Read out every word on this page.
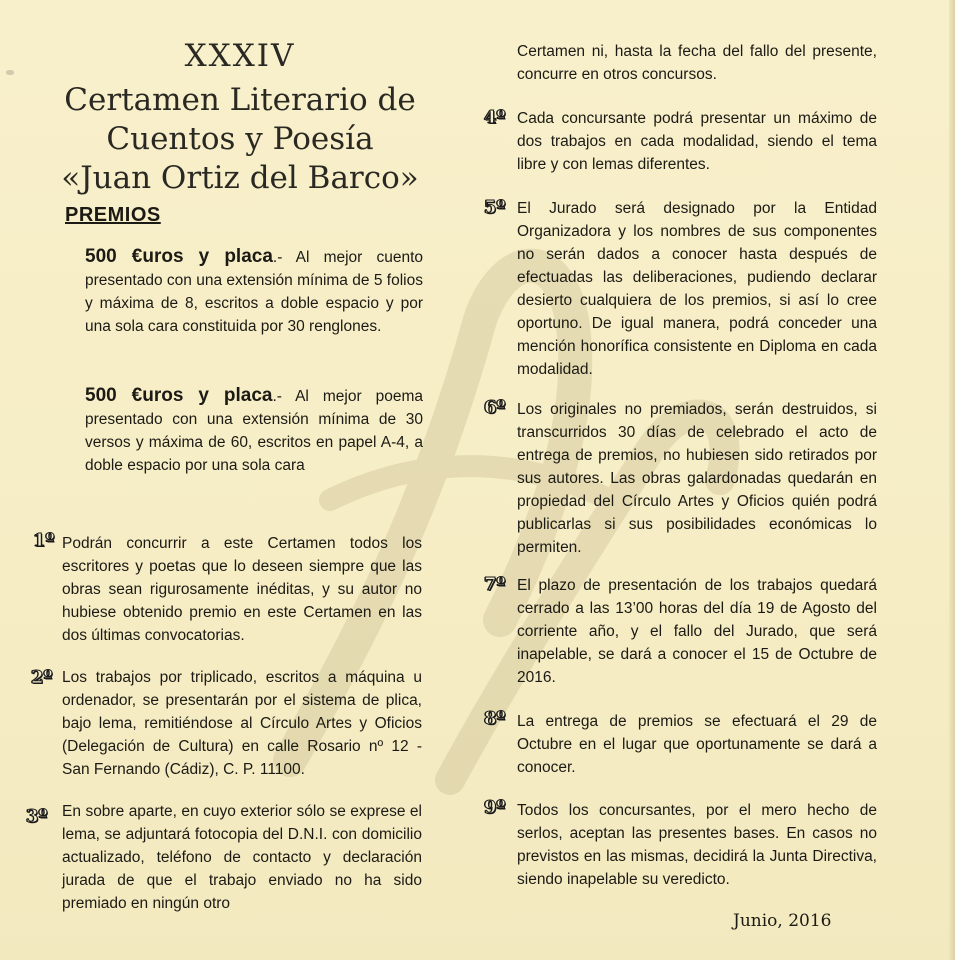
XXXIV
Certamen Literario de
Cuentos y Poesía
«Juan Ortiz del Barco»
PREMIOS
500 €uros y placa.- Al mejor cuento presentado con una extensión mínima de 5 folios y máxima de 8, escritos a doble espacio y por una sola cara constituida por 30 renglones.
500 €uros y placa.- Al mejor poema presentado con una extensión mínima de 30 versos y máxima de 60, escritos en papel A-4, a doble espacio por una sola cara
1º Podrán concurrir a este Certamen todos los escritores y poetas que lo deseen siempre que las obras sean rigurosamente inéditas, y su autor no hubiese obtenido premio en este Certamen en las dos últimas convocatorias.
2º Los trabajos por triplicado, escritos a máquina u ordenador, se presentarán por el sistema de plica, bajo lema, remitiéndose al Círculo Artes y Oficios (Delegación de Cultura) en calle Rosario nº 12 - San Fernando (Cádiz), C. P. 11100.
3º En sobre aparte, en cuyo exterior sólo se exprese el lema, se adjuntará fotocopia del D.N.I. con domicilio actualizado, teléfono de contacto y declaración jurada de que el trabajo enviado no ha sido premiado en ningún otro
Certamen ni, hasta la fecha del fallo del presente, concurre en otros concursos.
4º Cada concursante podrá presentar un máximo de dos trabajos en cada modalidad, siendo el tema libre y con lemas diferentes.
5º El Jurado será designado por la Entidad Organizadora y los nombres de sus componentes no serán dados a conocer hasta después de efectuadas las deliberaciones, pudiendo declarar desierto cualquiera de los premios, si así lo cree oportuno. De igual manera, podrá conceder una mención honorífica consistente en Diploma en cada modalidad.
6º Los originales no premiados, serán destruidos, si transcurridos 30 días de celebrado el acto de entrega de premios, no hubiesen sido retirados por sus autores. Las obras galardonadas quedarán en propiedad del Círculo Artes y Oficios quién podrá publicarlas si sus posibilidades económicas lo permiten.
7º El plazo de presentación de los trabajos quedará cerrado a las 13’00 horas del día 19 de Agosto del corriente año, y el fallo del Jurado, que será inapelable, se dará a conocer el 15 de Octubre de 2016.
8º La entrega de premios se efectuará el 29 de Octubre en el lugar que oportunamente se dará a conocer.
9º Todos los concursantes, por el mero hecho de serlos, aceptan las presentes bases. En casos no previstos en las mismas, decidirá la Junta Directiva, siendo inapelable su veredicto.
Junio, 2016
